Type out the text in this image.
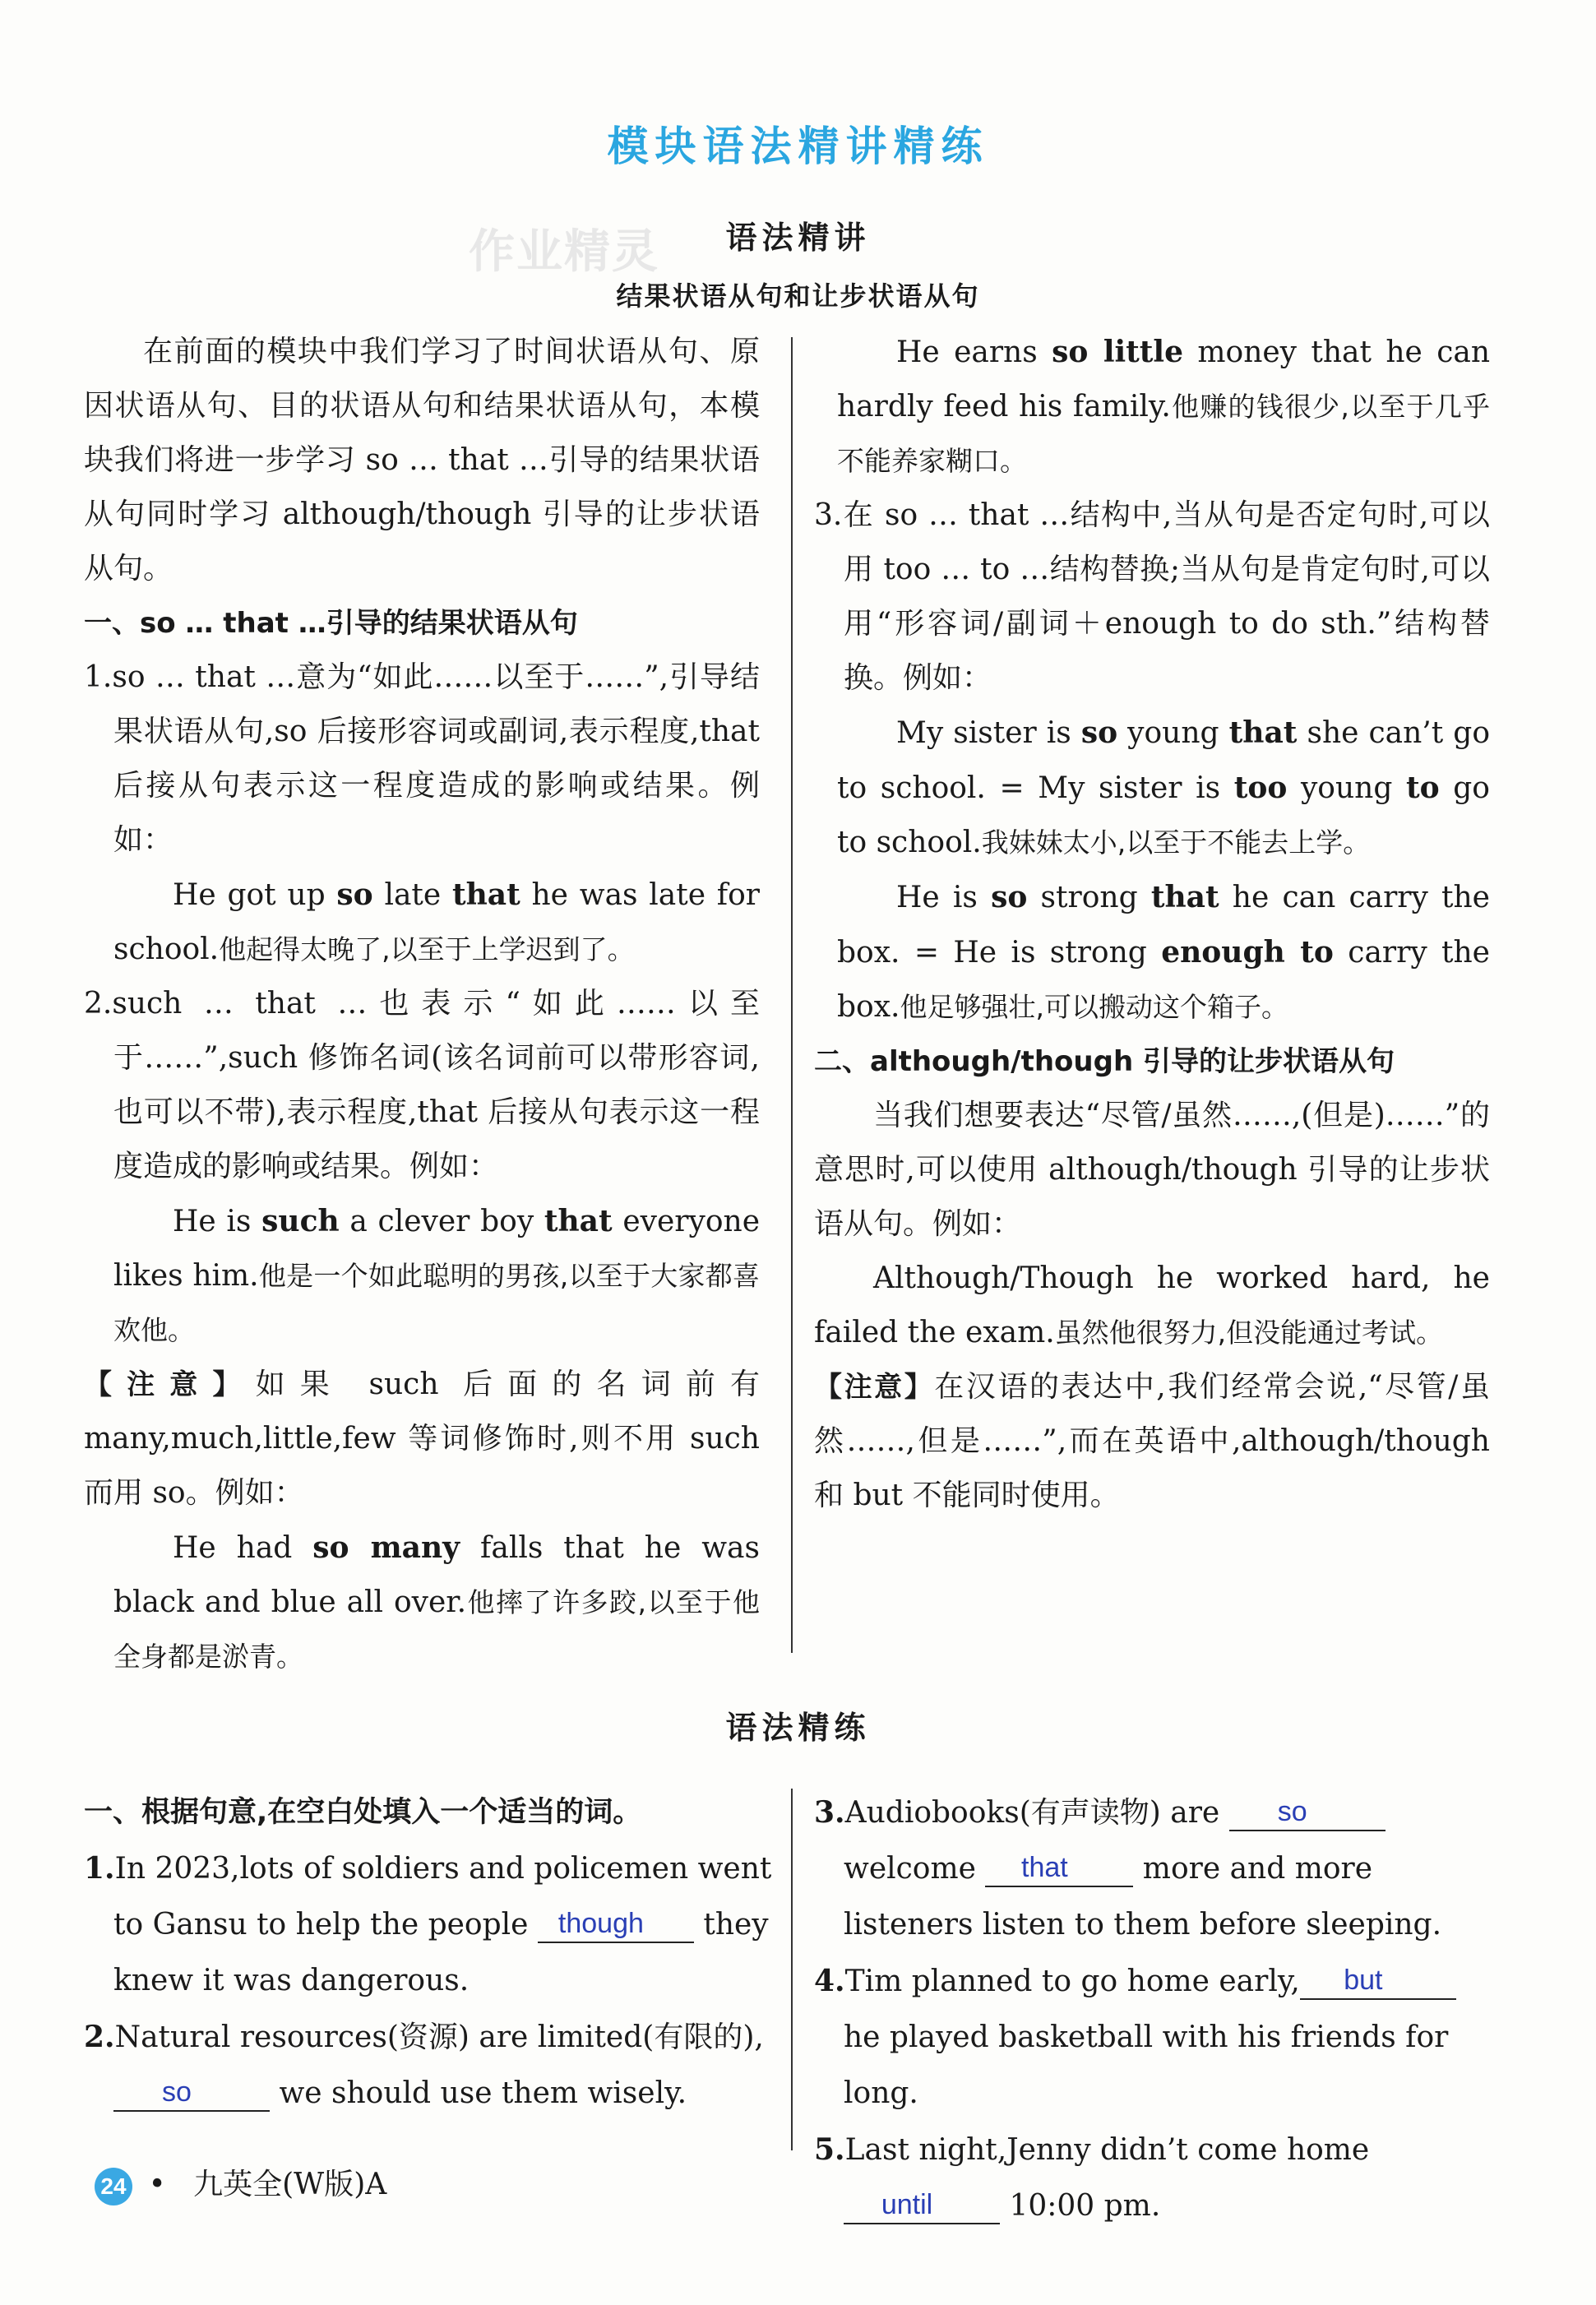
模块语法精讲精练
作业精灵	语法精讲
结果状语从句和让步状语从句

在前面的模块中我们学习了时间状语从句、原因状语从句、目的状语从句和结果状语从句，本模块我们将进一步学习 so … that …引导的结果状语从句同时学习 although/though 引导的让步状语从句。

一、so … that …引导的结果状语从句

1.so … that …意为“如此……以至于……”,引导结果状语从句,so 后接形容词或副词,表示程度,that 后接从句表示这一程度造成的影响或结果。例如：

He got up so late that he was late for school.他起得太晚了,以至于上学迟到了。

2.such … that …也表示“如此……以至于……”,such 修饰名词(该名词前可以带形容词,也可以不带),表示程度,that 后接从句表示这一程度造成的影响或结果。例如：

He is such a clever boy that everyone likes him.他是一个如此聪明的男孩,以至于大家都喜欢他。

【注意】如果 such 后面的名词前有 many,much,little,few 等词修饰时,则不用 such 而用 so。例如：

He had so many falls that he was black and blue all over.他摔了许多跤,以至于他全身都是淤青。

He earns so little money that he can hardly feed his family.他赚的钱很少,以至于几乎不能养家糊口。

3.在 so … that …结构中,当从句是否定句时,可以用 too … to …结构替换;当从句是肯定句时,可以用“形容词/副词＋enough to do sth.”结构替换。例如：

My sister is so young that she can’t go to school. = My sister is too young to go to school.我妹妹太小,以至于不能去上学。

He is so strong that he can carry the box. = He is strong enough to carry the box.他足够强壮,可以搬动这个箱子。

二、although/though 引导的让步状语从句

当我们想要表达“尽管/虽然……,(但是)……”的意思时,可以使用 although/though 引导的让步状语从句。例如：

Although/Though he worked hard, he failed the exam.虽然他很努力,但没能通过考试。

【注意】在汉语的表达中,我们经常会说,“尽管/虽然……,但是……”,而在英语中,although/though 和 but 不能同时使用。

语法精练

一、根据句意,在空白处填入一个适当的词。

1.In 2023,lots of soldiers and policemen went to Gansu to help the people though they knew it was dangerous.

2.Natural resources(资源) are limited(有限的),so	we should use them wisely.

3.Audiobooks(有声读物) are so welcome that more and more listeners listen to them before sleeping.

4.Tim planned to go home early, but he played basketball with his friends for long.

5.Last night,Jenny didn’t come home until 10:00 pm.

24 • 九英全(W版)A
